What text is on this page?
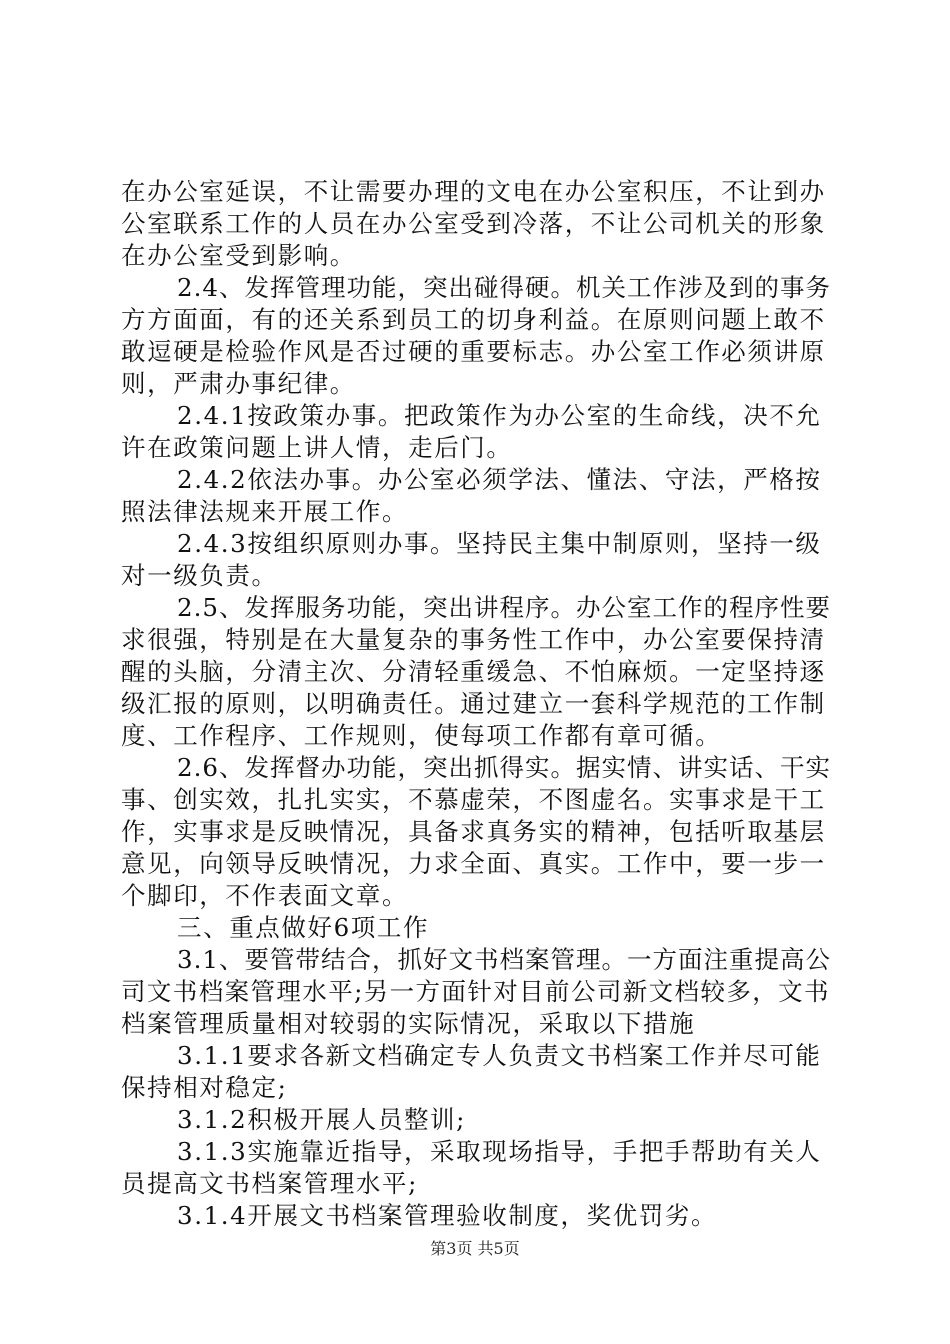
在办公室延误，不让需要办理的文电在办公室积压，不让到办
公室联系工作的人员在办公室受到冷落，不让公司机关的形象
在办公室受到影响。
2.4、发挥管理功能，突出碰得硬。机关工作涉及到的事务
方方面面，有的还关系到员工的切身利益。在原则问题上敢不
敢逗硬是检验作风是否过硬的重要标志。办公室工作必须讲原
则，严肃办事纪律。
2.4.1按政策办事。把政策作为办公室的生命线，决不允
许在政策问题上讲人情，走后门。
2.4.2依法办事。办公室必须学法、懂法、守法，严格按
照法律法规来开展工作。
2.4.3按组织原则办事。坚持民主集中制原则，坚持一级
对一级负责。
2.5、发挥服务功能，突出讲程序。办公室工作的程序性要
求很强，特别是在大量复杂的事务性工作中，办公室要保持清
醒的头脑，分清主次、分清轻重缓急、不怕麻烦。一定坚持逐
级汇报的原则，以明确责任。通过建立一套科学规范的工作制
度、工作程序、工作规则，使每项工作都有章可循。
2.6、发挥督办功能，突出抓得实。据实情、讲实话、干实
事、创实效，扎扎实实，不慕虚荣，不图虚名。实事求是干工
作，实事求是反映情况，具备求真务实的精神，包括听取基层
意见，向领导反映情况，力求全面、真实。工作中，要一步一
个脚印，不作表面文章。
三、重点做好6项工作
3.1、要管带结合，抓好文书档案管理。一方面注重提高公
司文书档案管理水平;另一方面针对目前公司新文档较多，文书
档案管理质量相对较弱的实际情况，采取以下措施
3.1.1要求各新文档确定专人负责文书档案工作并尽可能
保持相对稳定;
3.1.2积极开展人员整训;
3.1.3实施靠近指导，采取现场指导，手把手帮助有关人
员提高文书档案管理水平;
3.1.4开展文书档案管理验收制度，奖优罚劣。
第3页 共5页
